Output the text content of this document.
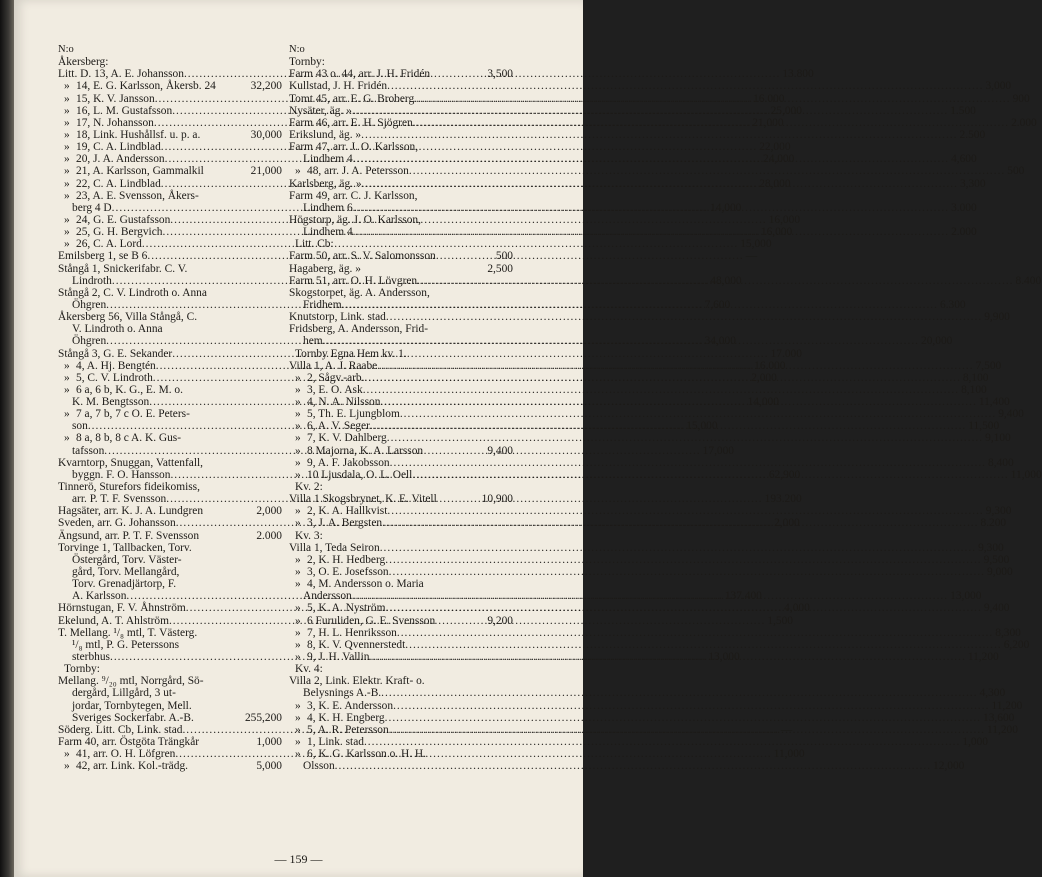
N:o
Åkersberg:
Litt. D. 13, A. E. Johansson .....	13.800
» 14, E. G. Karlsson, Åkersb. 24	32,200
» 15, K. V. Jansson .....	16.000
» 16, L. M. Gustafsson .....	25,000
» 17, N. Johansson .....	21,000
» 18, Link. Hushållsf. u. p. a.	30,000
» 19, C. A. Lindblad .....	22,000
» 20, J. A. Andersson .....	24,000
» 21, A. Karlsson, Gammalkil	21,000
» 22, C. A. Lindblad .....	28,000
» 23, A. E. Svensson, Åkers-
berg 4 D .....	14,000
» 24, G. E. Gustafsson .....	16,000
» 25, G. H. Bergvich .....	16,000
» 26, C. A. Lord .....	15,000
Emilsberg 1, se B 6 .....	—
Stångå 1, Snickerifabr. C. V.
Lindroth .....	48,000
Stångå 2, C. V. Lindroth o. Anna
Öhgren .....	7,600
Åkersberg 56, Villa Stångå, C.
V. Lindroth o. Anna
Öhgren .....	34,000
Stångå 3, G. E. Sekander .....	17.000
» 4, A. Hj. Bengtén .....	16.000
» 5, C. V. Lindroth .....	2,000
» 6 a, 6 b, K. G., E. M. o.
K. M. Bengtsson .....	14,000
» 7 a, 7 b, 7 c O. E. Peters-
son .....	15,000
» 8 a, 8 b, 8 c A. K. Gus-
tafsson .....	17,000
Kvarntorp, Snuggan, Vattenfall,
byggn. F. O. Hansson .....	62,900
Tinnerö, Sturefors fideikomiss,
arr. P. T. F. Svensson .....	193.200
Hagsäter, arr. K. J. A. Lundgren	2,000
Sveden, arr. G. Johansson .....	2,000
Ängsund, arr. P. T. F. Svensson	2.000
Torvinge 1, Tallbacken, Torv.
Östergård, Torv. Väster-
gård, Torv. Mellangård,
Torv. Grenadjärtorp, F.
A. Karlsson .....	137.400
Hörnstugan, F. V. Åhnström .....	4,000
Ekelund, A. T. Ahlström .....	1,500
T. Mellang. ¹/₈ mtl, T. Västerg.
¹/₈ mtl, P. G. Peterssons
sterbhus .....	13,000
Tornby:
Mellang. ⁹/₂₀ mtl, Norrgård, Sö-
dergård, Lillgård, 3 ut-
jordar, Tornbytegen, Mell.
Sveriges Sockerfabr. A.-B.	255,200
Söderg. Litt. Cb, Link. stad .....	—
Farm 40, arr. Östgöta Trängkår	1,000
» 41, arr. O. H. Löfgren .....	11,000
» 42, arr. Link. Kol.-trädg.	5,000
N:o
Tornby:
Farm 43 o. 44, arr. J. H. Fridén	3,500
Kullstad, J. H. Fridén .....	3,000
Tomt 45, arr. E. G. Broberg .....	900
Nysäter, äg. » .....	1.500
Farm 46, arr. E. H. Sjögren .....	2.000
Erikslund, äg. » .....	2.500
Farm 47, arr. J. O. Karlsson,
Lindhem 4 .....	4,600
» 48, arr. J. A. Petersson .....	500
Karlsberg, äg. » .....	3,300
Farm 49, arr. C. J. Karlsson,
Lindhem 6 .....	3.000
Högstorp, äg. J. O. Karlsson,
Lindhem 4 .....	2.000
Litt. Cb:
Farm 50, arr. S. V. Salomonsson	500
Hagaberg, äg. »	2,500
Farm 51, arr. O. H. Lövgren .....	8.400
Skogstorpet, äg. A. Andersson,
Fridhem .....	6.300
Knutstorp, Link. stad .....	9,900
Fridsberg, A. Andersson, Frid-
hem .....	20,000
Tornby Egna Hem kv. 1.
Villa 1, A. J. Raabe .....	7,500
» 2, Sågv.-arb. .....	8,100
» 3, E. O. Ask .....	8,100
» 4, N. A. Nilsson .....	11,400
» 5, Th. E. Ljungblom .....	9,400
» 6, A. V. Seger .....	11,500
» 7, K. V. Dahlberg .....	9,100
» 8 Majorna, K. A. Larsson	9,400
» 9, A. F. Jakobsson .....	8,400
» 10 Ljusdala, O. L. Oell .....	11,000
Kv. 2:
Villa 1 Skogsbrynet, K. E. Vitell	10,900
» 2, K. A. Hallkvist .....	9,300
» 3, J. A. Bergsten .....	8.200
Kv. 3:
Villa 1, Teda Seiron .....	9,300
» 2, K. H. Hedberg .....	9,500
» 3, O. E. Josefsson .....	9,000
» 4, M. Andersson o. Maria
Andersson .....	13,000
» 5, K. A. Nyström .....	9,400
» 6 Furuliden, G. E. Svensson	9,200
» 7, H. L. Henriksson .....	8,300
» 8, K. V. Qvennerstedt .....	6,200
» 9, J. H. Vallin .....	11,200
Kv. 4:
Villa 2, Link. Elektr. Kraft- o.
Belysnings A.-B. .....	4,300
» 3, K. E. Andersson .....	11,200
» 4, K. H. Engberg .....	13,600
» 5, A. R. Petersson .....	11,200
» 1, Link. stad .....	1,000
» 6, K. G. Karlsson o. H. H.
Olsson .....	12,000
— 159 —
